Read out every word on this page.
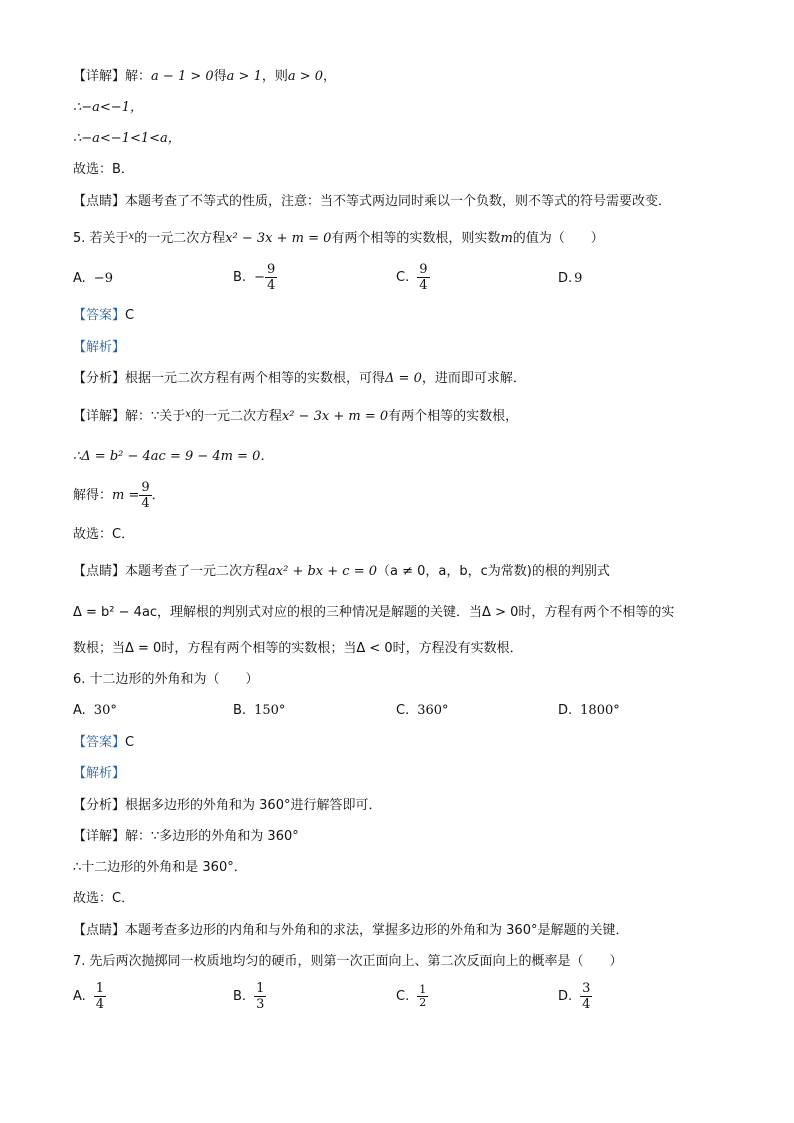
【详解】解：a − 1 > 0得a > 1，则a > 0，
∴−a<−1，
∴−a<−1<1<a，
故选：B．
【点睛】本题考查了不等式的性质，注意：当不等式两边同时乘以一个负数，则不等式的符号需要改变．
5. 若关于$^x$的一元二次方程x² − 3x + m = 0有两个相等的实数根，则实数m的值为（　　）
A. −9	B. − $\frac{9}{4}$	C. $\frac{9}{4}$	D. 9
【答案】C
【解析】
【分析】根据一元二次方程有两个相等的实数根，可得Δ = 0，进而即可求解．
【详解】解：∵关于$^x$的一元二次方程x² − 3x + m = 0有两个相等的实数根，
∴Δ = b² − 4ac = 9 − 4m = 0．
解得：$m = \frac{9}{4}$ ．
故选：C．
【点睛】本题考查了一元二次方程ax² + bx + c = 0（a ≠ 0，a，b，c为常数)的根的判别式
Δ = b² − 4ac，理解根的判别式对应的根的三种情况是解题的关键．当Δ > 0时，方程有两个不相等的实
数根；当Δ = 0时，方程有两个相等的实数根；当Δ < 0时，方程没有实数根．
6. 十二边形的外角和为（　　）
A. 30°	B. 150°	C. 360°	D. 1800°
【答案】C
【解析】
【分析】根据多边形的外角和为 360°进行解答即可．
【详解】解：∵多边形的外角和为 360°
∴十二边形的外角和是 360°．
故选：C．
【点睛】本题考查多边形的内角和与外角和的求法，掌握多边形的外角和为 360°是解题的关键．
7. 先后两次抛掷同一枚质地均匀的硬币，则第一次正面向上、第二次反面向上的概率是（　　）
A. $\frac{1}{4}$	B. $\frac{1}{3}$	C. $\frac{1}{2}$	D. $\frac{3}{4}$
